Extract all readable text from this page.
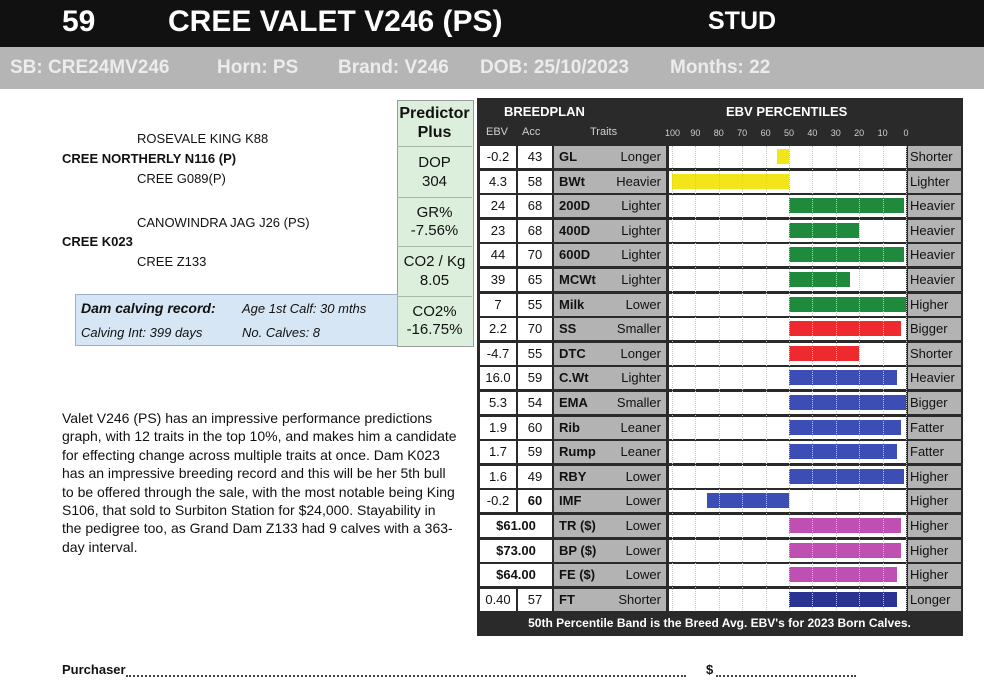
59 CREE VALET V246 (PS)	STUD
SB: CRE24MV246	Horn: PS Brand: V246 DOB: 25/10/2023 Months: 22
ROSEVALE KING K88
CREE NORTHERLY N116 (P)
CREE G089(P)
CANOWINDRA JAG J26 (PS)
CREE K023
CREE Z133
Predictor Plus
DOP
304
GR%
-7.56%
CO2 / Kg
8.05
CO2%
-16.75%
Dam calving record: Age 1st Calf: 30 mths
Calving Int: 399 days	No. Calves: 8
Valet V246 (PS) has an impressive performance predictions graph, with 12 traits in the top 10%, and makes him a candidate for effecting change across multiple traits at once. Dam K023 has an impressive breeding record and this will be her 5th bull to be offered through the sale, with the most notable being King S106, that sold to Surbiton Station for $24,000. Stayability in the pedigree too, as Grand Dam Z133 had 9 calves with a 363-day interval.
BREEDPLAN	EBV PERCENTILES
EBV Acc	Traits	100 90 80 70 60 50 40 30 20 10	0
-0.2	43	GL	Longer	Shorter
4.3	58	BWt Heavier	Lighter
24	68	200D Lighter	Heavier
23	68	400D Lighter	Heavier
44	70	600D Lighter	Heavier
39	65	MCWt Lighter	Heavier
7	55	Milk	Lower	Higher
2.2	70	SS	Smaller	Bigger
-4.7	55	DTC	Longer	Shorter
16.0	59	C.Wt	Lighter	Heavier
5.3	54	EMA Smaller	Bigger
1.9	60	Rib	Leaner	Fatter
1.7	59	Rump Leaner	Fatter
1.6	49	RBY	Lower	Higher
-0.2	60	IMF	Lower	Higher
$61.00	TR ($) Lower	Higher
$73.00	BP ($) Lower	Higher
$64.00	FE ($) Lower	Higher
0.40	57	FT	Shorter	Longer
50th Percentile Band is the Breed Avg. EBV's for 2023 Born Calves.
Purchaser	$
